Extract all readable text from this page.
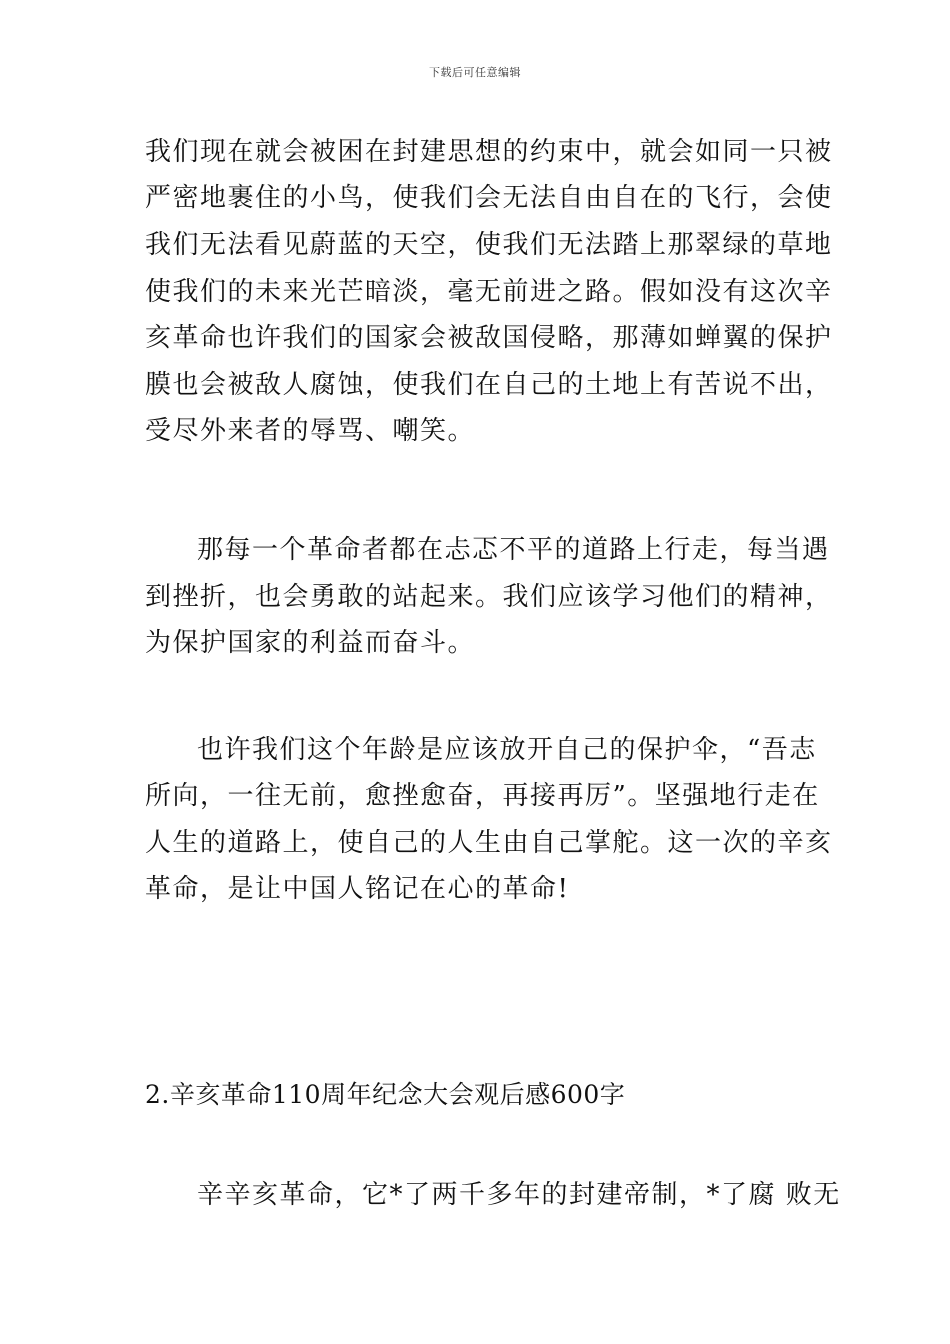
下载后可任意编辑
我们现在就会被困在封建思想的约束中，就会如同一只被
严密地裹住的小鸟，使我们会无法自由自在的飞行，会使
我们无法看见蔚蓝的天空，使我们无法踏上那翠绿的草地
使我们的未来光芒暗淡，毫无前进之路。假如没有这次辛
亥革命也许我们的国家会被敌国侵略，那薄如蝉翼的保护
膜也会被敌人腐蚀，使我们在自己的土地上有苦说不出，
受尽外来者的辱骂、嘲笑。
那每一个革命者都在忐忑不平的道路上行走，每当遇
到挫折，也会勇敢的站起来。我们应该学习他们的精神，
为保护国家的利益而奋斗。
也许我们这个年龄是应该放开自己的保护伞，“吾志
所向，一往无前，愈挫愈奋，再接再厉”。坚强地行走在
人生的道路上，使自己的人生由自己掌舵。这一次的辛亥
革命，是让中国人铭记在心的革命!
2.辛亥革命110周年纪念大会观后感600字
辛辛亥革命，它*了两千多年的封建帝制，*了腐 败无
